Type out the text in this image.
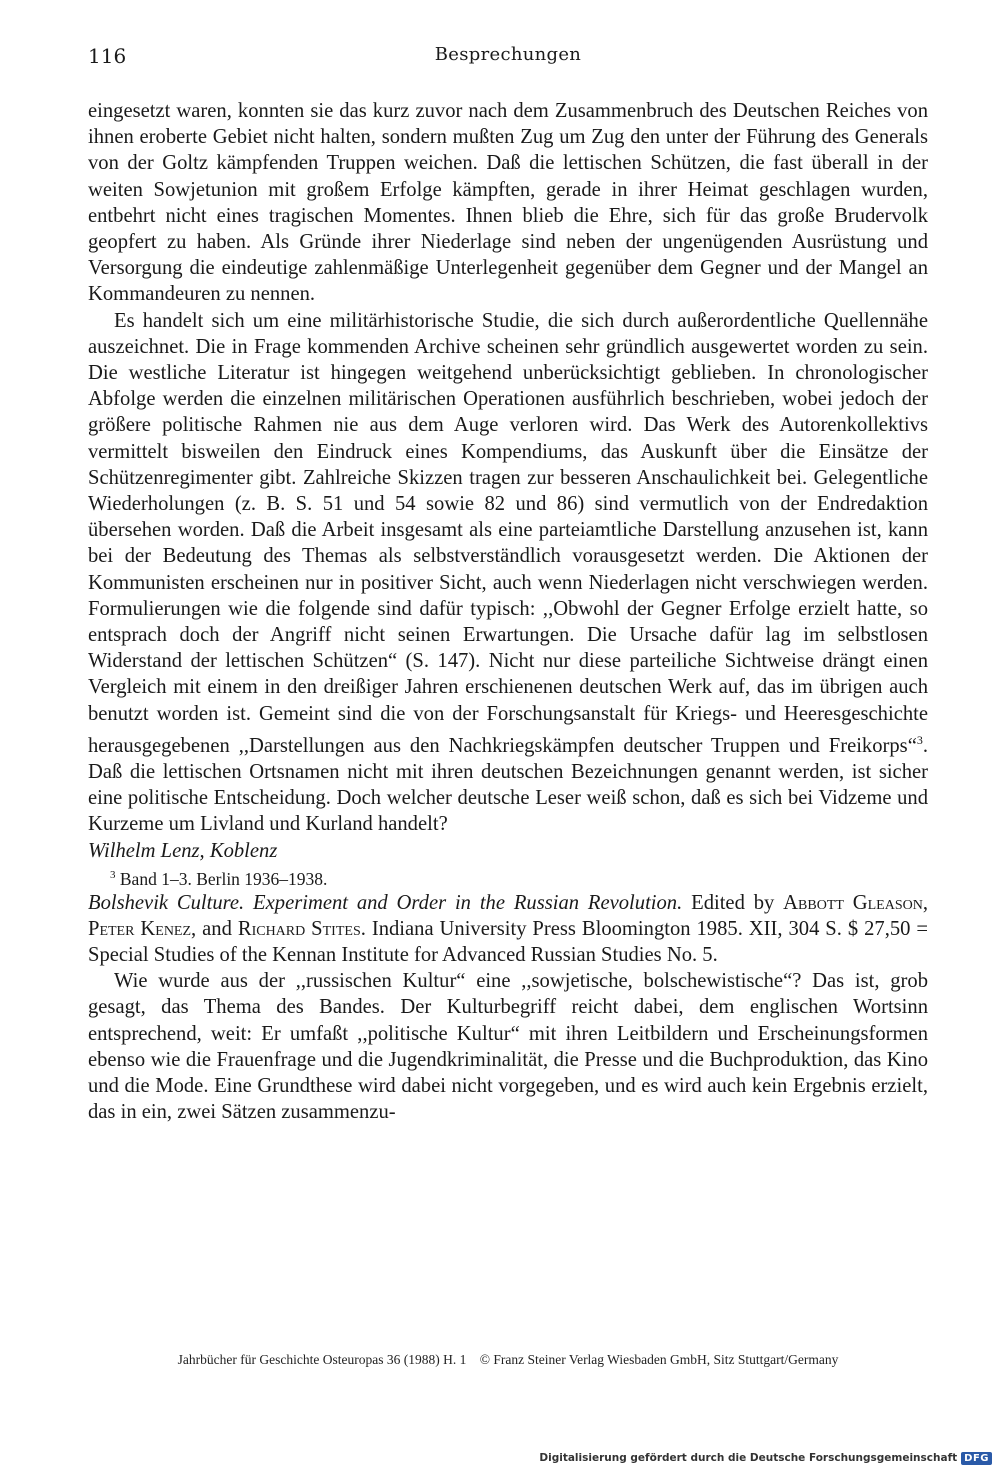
116	Besprechungen

eingesetzt waren, konnten sie das kurz zuvor nach dem Zusammenbruch des Deutschen Reiches von ihnen eroberte Gebiet nicht halten, sondern mußten Zug um Zug den unter der Führung des Generals von der Goltz kämpfenden Truppen weichen. Daß die lettischen Schützen, die fast überall in der weiten Sowjetunion mit großem Erfolge kämpften, gerade in ihrer Heimat geschlagen wurden, entbehrt nicht eines tragischen Momentes. Ihnen blieb die Ehre, sich für das große Brudervolk geopfert zu haben. Als Gründe ihrer Niederlage sind neben der ungenügenden Ausrüstung und Versorgung die eindeutige zahlenmäßige Unterlegenheit gegenüber dem Gegner und der Mangel an Kommandeuren zu nennen.

Es handelt sich um eine militärhistorische Studie, die sich durch außerordentliche Quellennähe auszeichnet. Die in Frage kommenden Archive scheinen sehr gründlich ausgewertet worden zu sein. Die westliche Literatur ist hingegen weitgehend unberücksichtigt geblieben. In chronologischer Abfolge werden die einzelnen militärischen Operationen ausführlich beschrieben, wobei jedoch der größere politische Rahmen nie aus dem Auge verloren wird. Das Werk des Autorenkollektivs vermittelt bisweilen den Eindruck eines Kompendiums, das Auskunft über die Einsätze der Schützenregimenter gibt. Zahlreiche Skizzen tragen zur besseren Anschaulichkeit bei. Gelegentliche Wiederholungen (z. B. S. 51 und 54 sowie 82 und 86) sind vermutlich von der Endredaktion übersehen worden. Daß die Arbeit insgesamt als eine parteiamtliche Darstellung anzusehen ist, kann bei der Bedeutung des Themas als selbstverständlich vorausgesetzt werden. Die Aktionen der Kommunisten erscheinen nur in positiver Sicht, auch wenn Niederlagen nicht verschwiegen werden. Formulierungen wie die folgende sind dafür typisch: ,,Obwohl der Gegner Erfolge erzielt hatte, so entsprach doch der Angriff nicht seinen Erwartungen. Die Ursache dafür lag im selbstlosen Widerstand der lettischen Schützen“ (S. 147). Nicht nur diese parteiliche Sichtweise drängt einen Vergleich mit einem in den dreißiger Jahren erschienenen deutschen Werk auf, das im übrigen auch benutzt worden ist. Gemeint sind die von der Forschungsanstalt für Kriegs- und Heeresgeschichte herausgegebenen ,,Darstellungen aus den Nachkriegskämpfen deutscher Truppen und Freikorps“$^3$. Daß die lettischen Ortsnamen nicht mit ihren deutschen Bezeichnungen genannt werden, ist sicher eine politische Entscheidung. Doch welcher deutsche Leser weiß schon, daß es sich bei Vidzeme und Kurzeme um Livland und Kurland handelt?

Wilhelm Lenz, Koblenz

$^3$ Band 1–3. Berlin 1936–1938.

Bolshevik Culture. Experiment and Order in the Russian Revolution. Edited by Abbott Gleason, Peter Kenez, and Richard Stites. Indiana University Press Bloomington 1985. XII, 304 S. $ 27,50 = Special Studies of the Kennan Institute for Advanced Russian Studies No. 5.

Wie wurde aus der ,,russischen Kultur“ eine ,,sowjetische, bolschewistische“? Das ist, grob gesagt, das Thema des Bandes. Der Kulturbegriff reicht dabei, dem englischen Wortsinn entsprechend, weit: Er umfaßt ,,politische Kultur“ mit ihren Leitbildern und Erscheinungsformen ebenso wie die Frauenfrage und die Jugendkriminalität, die Presse und die Buchproduktion, das Kino und die Mode. Eine Grundthese wird dabei nicht vorgegeben, und es wird auch kein Ergebnis erzielt, das in ein, zwei Sätzen zusammenzu-

Jahrbücher für Geschichte Osteuropas 36 (1988) H. 1 © Franz Steiner Verlag Wiesbaden GmbH, Sitz Stuttgart/Germany
Digitalisierung gefördert durch die Deutsche Forschungsgemeinschaft DFG
